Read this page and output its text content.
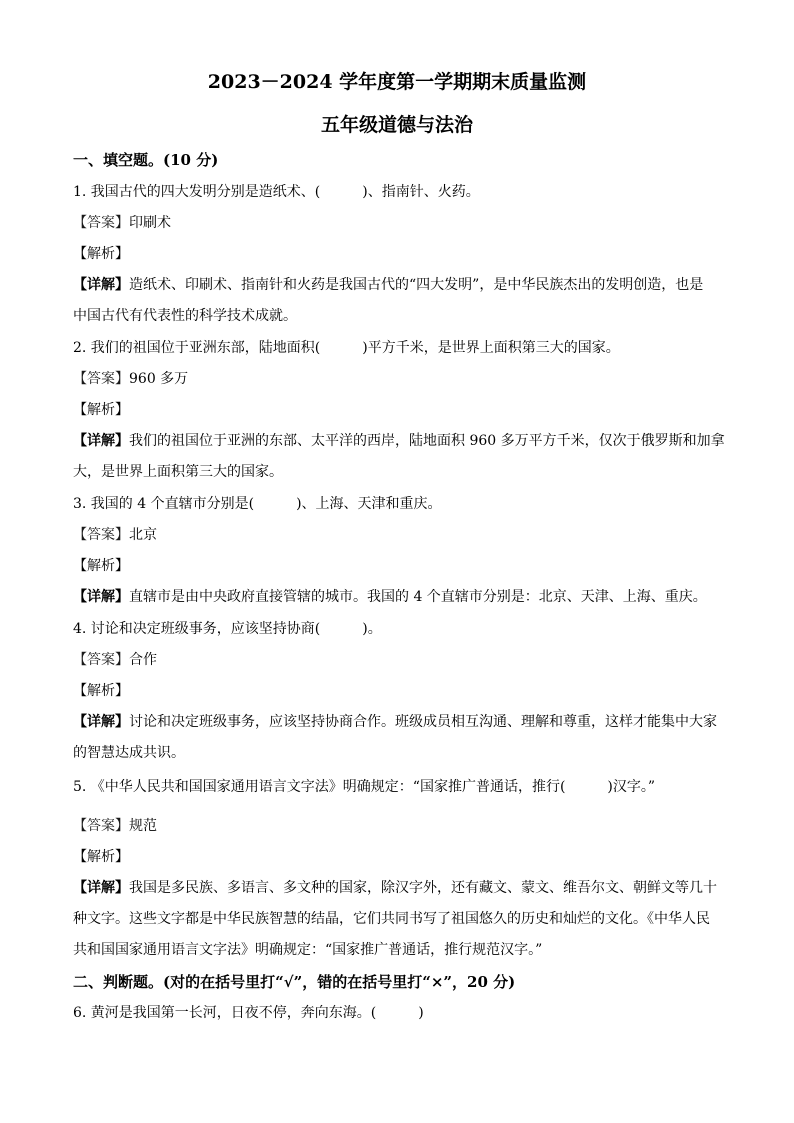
2023－2024 学年度第一学期期末质量监测
五年级道德与法治
一、填空题。(10 分)
1. 我国古代的四大发明分别是造纸术、(　　　)、指南针、火药。
【答案】印刷术
【解析】
【详解】造纸术、印刷术、指南针和火药是我国古代的“四大发明”，是中华民族杰出的发明创造，也是
中国古代有代表性的科学技术成就。
2. 我们的祖国位于亚洲东部，陆地面积(　　　)平方千米，是世界上面积第三大的国家。
【答案】960 多万
【解析】
【详解】我们的祖国位于亚洲的东部、太平洋的西岸，陆地面积 960 多万平方千米，仅次于俄罗斯和加拿
大，是世界上面积第三大的国家。
3. 我国的 4 个直辖市分别是(　　　)、上海、天津和重庆。
【答案】北京
【解析】
【详解】直辖市是由中央政府直接管辖的城市。我国的 4 个直辖市分别是：北京、天津、上海、重庆。
4. 讨论和决定班级事务，应该坚持协商(　　　)。
【答案】合作
【解析】
【详解】讨论和决定班级事务，应该坚持协商合作。班级成员相互沟通、理解和尊重，这样才能集中大家
的智慧达成共识。
5. 《中华人民共和国国家通用语言文字法》明确规定：“国家推广普通话，推行(　　　)汉字。”
【答案】规范
【解析】
【详解】我国是多民族、多语言、多文种的国家，除汉字外，还有藏文、蒙文、维吾尔文、朝鲜文等几十
种文字。这些文字都是中华民族智慧的结晶，它们共同书写了祖国悠久的历史和灿烂的文化。《中华人民
共和国国家通用语言文字法》明确规定：“国家推广普通话，推行规范汉字。”
二、判断题。(对的在括号里打“√”，错的在括号里打“×”，20 分)
6. 黄河是我国第一长河，日夜不停，奔向东海。(　　　)
